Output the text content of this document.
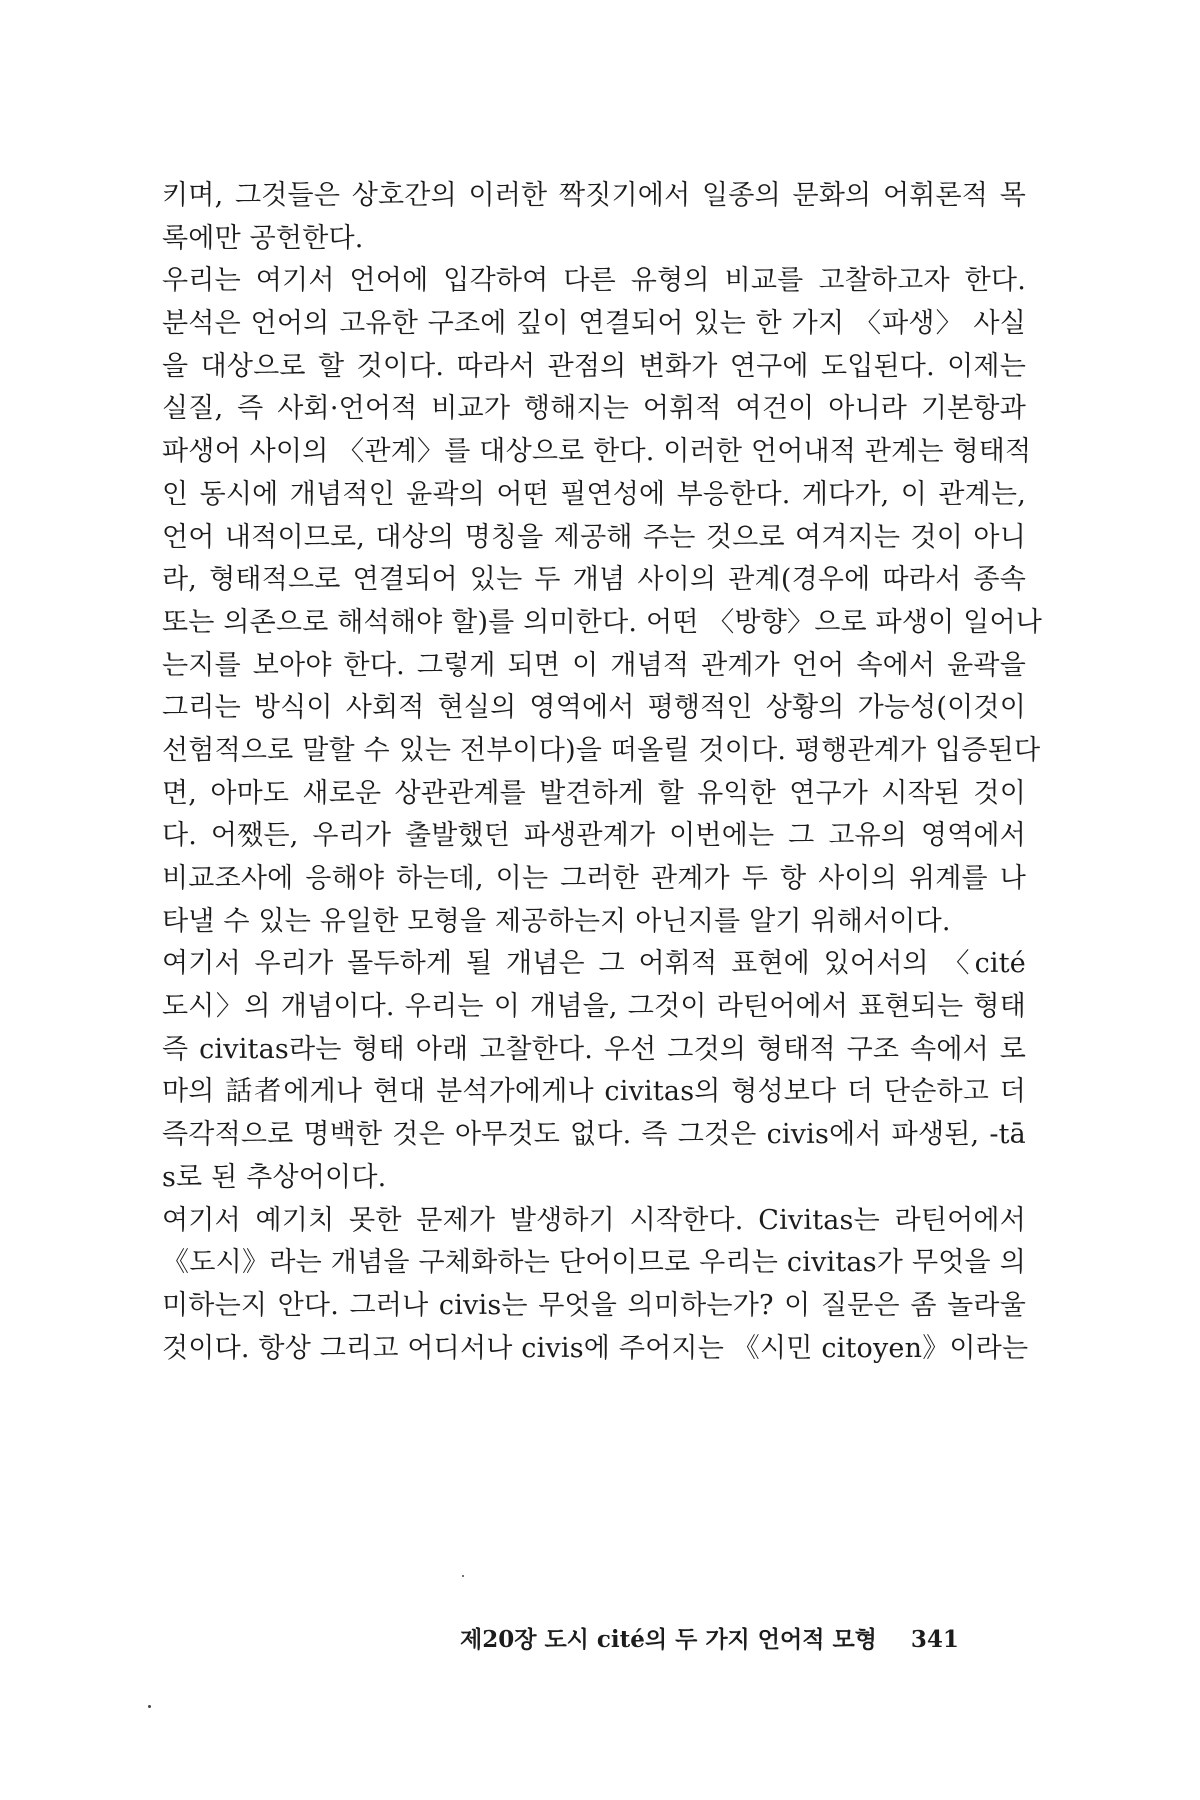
키며, 그것들은 상호간의 이러한 짝짓기에서 일종의 문화의 어휘론적 목
록에만 공헌한다.
우리는 여기서 언어에 입각하여 다른 유형의 비교를 고찰하고자 한다.
분석은 언어의 고유한 구조에 깊이 연결되어 있는 한 가지 〈파생〉 사실
을 대상으로 할 것이다. 따라서 관점의 변화가 연구에 도입된다. 이제는
실질, 즉 사회·언어적 비교가 행해지는 어휘적 여건이 아니라 기본항과
파생어 사이의 〈관계〉를 대상으로 한다. 이러한 언어내적 관계는 형태적
인 동시에 개념적인 윤곽의 어떤 필연성에 부응한다. 게다가, 이 관계는,
언어 내적이므로, 대상의 명칭을 제공해 주는 것으로 여겨지는 것이 아니
라, 형태적으로 연결되어 있는 두 개념 사이의 관계(경우에 따라서 종속
또는 의존으로 해석해야 할)를 의미한다. 어떤 〈방향〉으로 파생이 일어나
는지를 보아야 한다. 그렇게 되면 이 개념적 관계가 언어 속에서 윤곽을
그리는 방식이 사회적 현실의 영역에서 평행적인 상황의 가능성(이것이
선험적으로 말할 수 있는 전부이다)을 떠올릴 것이다. 평행관계가 입증된다
면, 아마도 새로운 상관관계를 발견하게 할 유익한 연구가 시작된 것이
다. 어쨌든, 우리가 출발했던 파생관계가 이번에는 그 고유의 영역에서
비교조사에 응해야 하는데, 이는 그러한 관계가 두 항 사이의 위계를 나
타낼 수 있는 유일한 모형을 제공하는지 아닌지를 알기 위해서이다.
여기서 우리가 몰두하게 될 개념은 그 어휘적 표현에 있어서의 〈cité
도시〉의 개념이다. 우리는 이 개념을, 그것이 라틴어에서 표현되는 형태
즉 civitas라는 형태 아래 고찰한다. 우선 그것의 형태적 구조 속에서 로
마의 話者에게나 현대 분석가에게나 civitas의 형성보다 더 단순하고 더
즉각적으로 명백한 것은 아무것도 없다. 즉 그것은 civis에서 파생된, -tā
s로 된 추상어이다.
여기서 예기치 못한 문제가 발생하기 시작한다. Civitas는 라틴어에서
《도시》라는 개념을 구체화하는 단어이므로 우리는 civitas가 무엇을 의
미하는지 안다. 그러나 civis는 무엇을 의미하는가? 이 질문은 좀 놀라울
것이다. 항상 그리고 어디서나 civis에 주어지는 《시민 citoyen》이라는
제20장 도시 cité의 두 가지 언어적 모형 341
